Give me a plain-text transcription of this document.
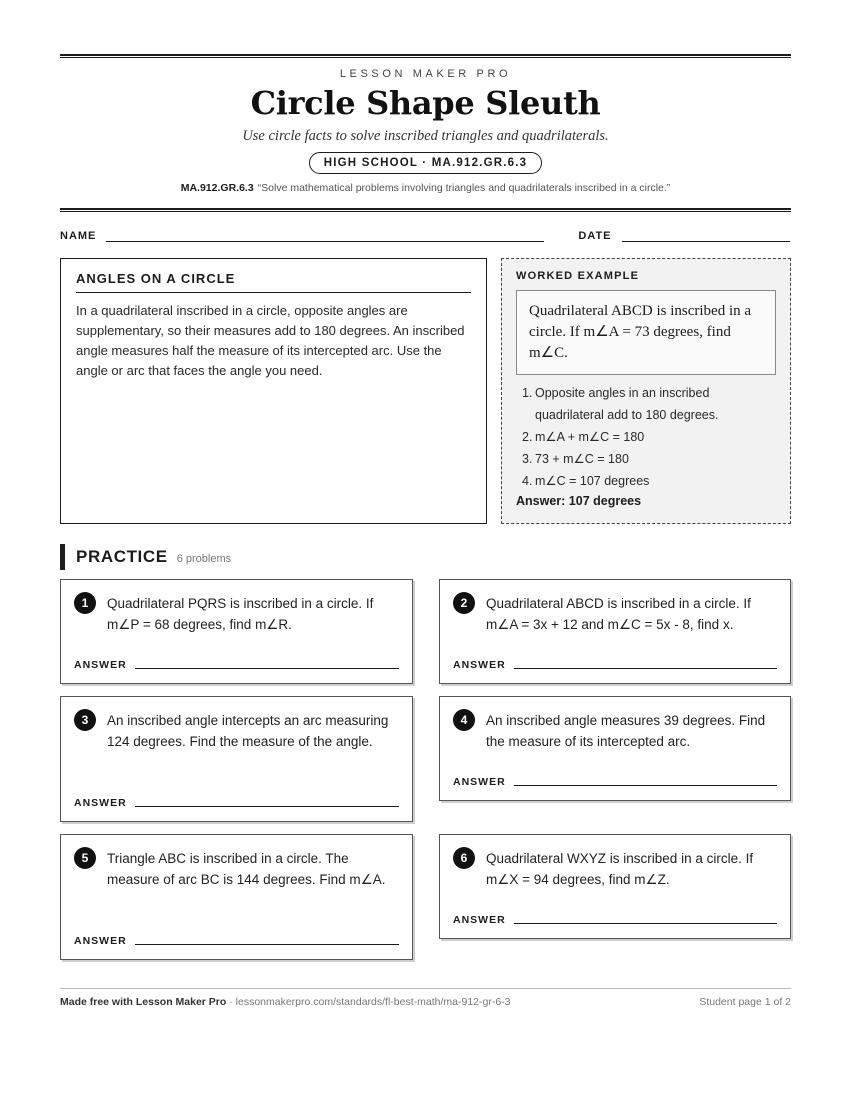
LESSON MAKER PRO
Circle Shape Sleuth
Use circle facts to solve inscribed triangles and quadrilaterals.
HIGH SCHOOL · MA.912.GR.6.3
MA.912.GR.6.3 “Solve mathematical problems involving triangles and quadrilaterals inscribed in a circle.”
NAME	DATE
ANGLES ON A CIRCLE
In a quadrilateral inscribed in a circle, opposite angles are supplementary, so their measures add to 180 degrees. An inscribed angle measures half the measure of its intercepted arc. Use the angle or arc that faces the angle you need.
WORKED EXAMPLE
Quadrilateral ABCD is inscribed in a circle. If m∠A = 73 degrees, find m∠C.
1. Opposite angles in an inscribed quadrilateral add to 180 degrees.
2. m∠A + m∠C = 180
3. 73 + m∠C = 180
4. m∠C = 107 degrees
Answer: 107 degrees
PRACTICE 6 problems
1	Quadrilateral PQRS is inscribed in a circle. If m∠P = 68 degrees, find m∠R.
ANSWER
2	Quadrilateral ABCD is inscribed in a circle. If m∠A = 3x + 12 and m∠C = 5x - 8, find x.
ANSWER
3	An inscribed angle intercepts an arc measuring 124 degrees. Find the measure of the angle.
ANSWER
4	An inscribed angle measures 39 degrees. Find the measure of its intercepted arc.
ANSWER
5	Triangle ABC is inscribed in a circle. The measure of arc BC is 144 degrees. Find m∠A.
ANSWER
6	Quadrilateral WXYZ is inscribed in a circle. If m∠X = 94 degrees, find m∠Z.
ANSWER
Made free with Lesson Maker Pro · lessonmakerpro.com/standards/fl-best-math/ma-912-gr-6-3	Student page 1 of 2
